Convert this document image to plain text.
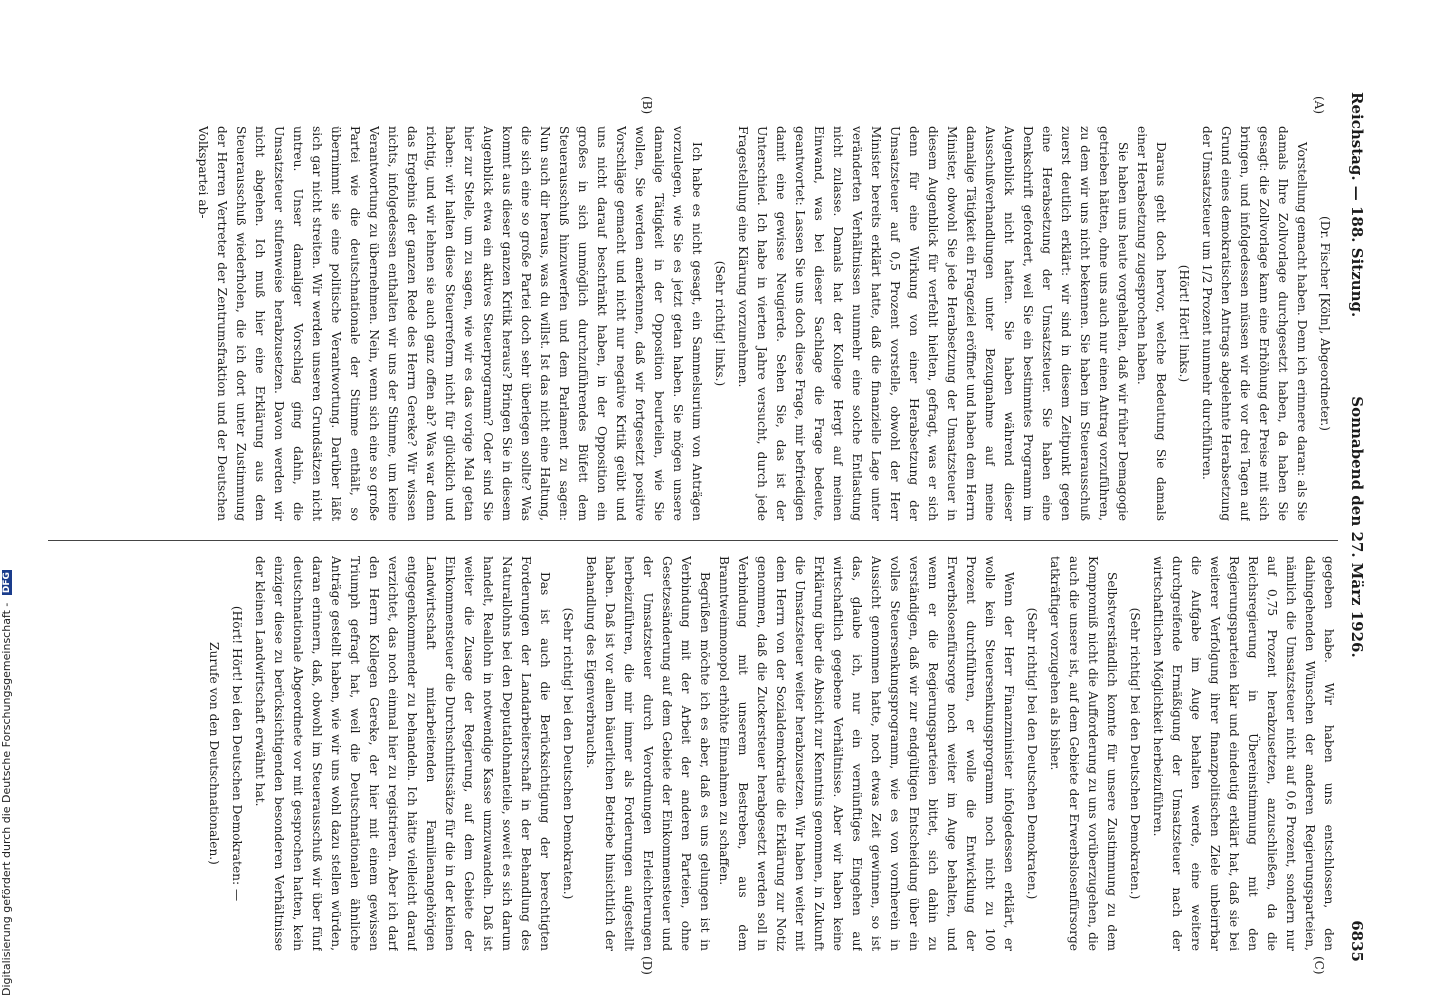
Reichstag. — 188. Sitzung.
Sonnabend den 27. März 1926.
6835
(A)
(B)
(C)
(D)

(Dr. Fischer [Köln], Abgeordneter.)

Vorstellung gemacht haben. Denn ich erinnere daran: als Sie damals Ihre Zollvorlage durchgesetzt haben, da haben Sie gesagt: die Zollvorlage kann eine Erhöhung der Preise mit sich bringen, und infolgedessen müssen wir die vor drei Tagen auf Grund eines demokratischen Antrags abgelehnte Herabsetzung der Umsatzsteuer um 1/2 Prozent nunmehr durchführen.

(Hört! Hört! links.)

Daraus geht doch hervor, welche Bedeutung Sie damals einer Herabsetzung zugesprochen haben.

Sie haben uns heute vorgehalten, daß wir früher Demagogie getrieben hätten, ohne uns auch nur einen Antrag vorzuführen, zu dem wir uns nicht bekennen. Sie haben im Steuerausschuß zuerst deutlich erklärt: wir sind in diesem Zeitpunkt gegen eine Herabsetzung der Umsatzsteuer. Sie haben eine Denkschrift gefordert, weil Sie ein bestimmtes Programm im Augenblick nicht hatten. Sie haben während dieser Ausschußverhandlungen unter Bezugnahme auf meine damalige Tätigkeit ein Frageziel eröffnet und haben dem Herrn Minister, obwohl Sie jede Herabsetzung der Umsatzsteuer in diesem Augenblick für verfehlt hielten, gefragt, was er sich denn für eine Wirkung von einer Herabsetzung der Umsatzsteuer auf 0,5 Prozent vorstelle, obwohl der Herr Minister bereits erklärt hatte, daß die finanzielle Lage unter veränderten Verhältnissen nunmehr eine solche Entlastung nicht zulasse. Damals hat der Kollege Hergt auf meinen Einwand, was bei dieser Sachlage die Frage bedeute, geantwortet: Lassen Sie uns doch diese Frage, mir befriedigen damit eine gewisse Neugierde. Sehen Sie, das ist der Unterschied. Ich habe in vierten Jahre versucht, durch jede Fragestellung eine Klärung vorzunehmen.

(Sehr richtig! links.)

Ich habe es nicht gesagt, ein Sammelsurium von Anträgen vorzulegen, wie Sie es jetzt getan haben. Sie mögen unsere damalige Tätigkeit in der Opposition beurteilen, wie Sie wollen, Sie werden anerkennen, daß wir fortgesetzt positive Vorschläge gemacht und nicht nur negative Kritik geübt und uns nicht darauf beschränkt haben, in der Opposition ein großes in sich unmöglich durchzuführendes Büfett dem Steuerausschuß hinzuwerfen und dem Parlament zu sagen: Nun such dir heraus, was du willst. Ist das nicht eine Haltung, die sich eine so große Partei doch sehr überlegen sollte? Was kommt aus dieser ganzen Kritik heraus? Bringen Sie in diesem Augenblick etwa ein aktives Steuerprogramm? Oder sind Sie hier zur Stelle, um zu sagen, wie wir es das vorige Mal getan haben: wir halten diese Steuerreform nicht für glücklich und richtig, und wir lehnen sie auch ganz offen ab? Was war denn das Ergebnis der ganzen Rede des Herrn Gereke? Wir wissen nichts, infolgedessen enthalten wir uns der Stimme, um keine Verantwortung zu übernehmen. Nein, wenn sich eine so große Partei wie die deutschnationale der Stimme enthält, so übernimmt sie eine politische Verantwortung. Darüber läßt sich gar nicht streiten. Wir werden unseren Grundsätzen nicht untreu. Unser damaliger Vorschlag ging dahin, die Umsatzsteuer stufenweise herabzusetzen. Davon werden wir nicht abgehen. Ich muß hier eine Erklärung aus dem Steuerausschuß wiederholen, die ich dort unter Zustimmung der Herren Vertreter der Zentrumsfraktion und der Deutschen Volkspartei ab-

gegeben habe. Wir haben uns entschlossen, den dahingehenden Wünschen der anderen Regierungsparteien, nämlich die Umsatzsteuer nicht auf 0,6 Prozent, sondern nur auf 0,75 Prozent herabzusetzen, anzuschließen, da die Reichsregierung in Übereinstimmung mit den Regierungsparteien klar und eindeutig erklärt hat, daß sie bei weiterer Verfolgung ihrer finanzpolitischen Ziele unbeirrbar die Aufgabe im Auge behalten werde, eine weitere durchgreifende Ermäßigung der Umsatzsteuer nach der wirtschaftlichen Möglichkeit herbeizuführen.

(Sehr richtig! bei den Deutschen Demokraten.)

Selbstverständlich konnte für unsere Zustimmung zu dem Kompromiß nicht die Aufforderung zu uns vorüberzugehen, die auch die unsere ist, auf dem Gebiete der Erwerbslosenfürsorge tatkräftiger vorzugehen als bisher.

(Sehr richtig! bei den Deutschen Demokraten.)

Wenn der Herr Finanzminister infolgedessen erklärt, er wolle kein Steuersenkungsprogramm noch nicht zu 100 Prozent durchführen, er wolle die Entwicklung der Erwerbslosenfürsorge noch weiter im Auge behalten, und wenn er die Regierungsparteien bittet, sich dahin zu verständigen, daß wir zur endgültigen Entscheidung über ein volles Steuersenkungsprogramm, wie es von vornherein in Aussicht genommen hatte, noch etwas Zeit gewinnen, so ist das, glaube ich, nur ein vernünftiges Eingehen auf wirtschaftlich gegebene Verhältnisse. Aber wir haben keine Erklärung über die Absicht zur Kenntnis genommen, in Zukunft die Umsatzsteuer weiter herabzusetzen. Wir haben weiter mit dem Herrn von der Sozialdemokratie die Erklärung zur Notiz genommen, daß die Zuckersteuer herabgesetzt werden soll in Verbindung mit unserem Bestreben, aus dem Branntweinmonopol erhöhte Einnahmen zu schaffen.

Begrüßen möchte ich es aber, daß es uns gelungen ist in Verbindung mit der Arbeit der anderen Parteien, ohne Gesetzesänderung auf dem Gebiete der Einkommensteuer und der Umsatzsteuer durch Verordnungen Erleichterungen herbeizuführen, die mir immer als Forderungen aufgestellt haben. Daß ist vor allem bäuerlichen Betriebe hinsichtlich der Behandlung des Eigenverbrauchs.

(Sehr richtig! bei den Deutschen Demokraten.)

Das ist auch die Berücksichtigung der berechtigten Forderungen der Landarbeiterschaft in der Behandlung des Naturallohns bei den Deputatlohnanteile, soweit es sich darum handelt, Reallohn in notwendige Kasse umzuwandeln. Daß ist weiter die Zusage der Regierung, auf dem Gebiete der Einkommensteuer die Durchschnittssätze für die in der kleinen Landwirtschaft mitarbeitenden Familienangehörigen entgegenkommender zu behandeln. Ich hätte vielleicht darauf verzichtet, das noch einmal hier zu registrieren. Aber ich darf den Herrn Kollegen Gereke, der hier mit einem gewissen Triumph gefragt hat, weil die Deutschnationalen ähnliche Anträge gestellt haben, wie wir uns wohl dazu stellen würden, daran erinnern, daß, obwohl im Steuerausschuß wir über fünf deutschnationale Abgeordnete vor mit gesprochen hatten, kein einziger diese zu berücksichtigenden besonderen Verhältnisse der kleinen Landwirtschaft erwähnt hat.

(Hört! Hört! bei den Deutschen Demokraten: —

Zurufe von den Deutschnationalen.)

Digitalisierung gefördert durch die Deutsche Forschungsgemeinschaft - DFG
